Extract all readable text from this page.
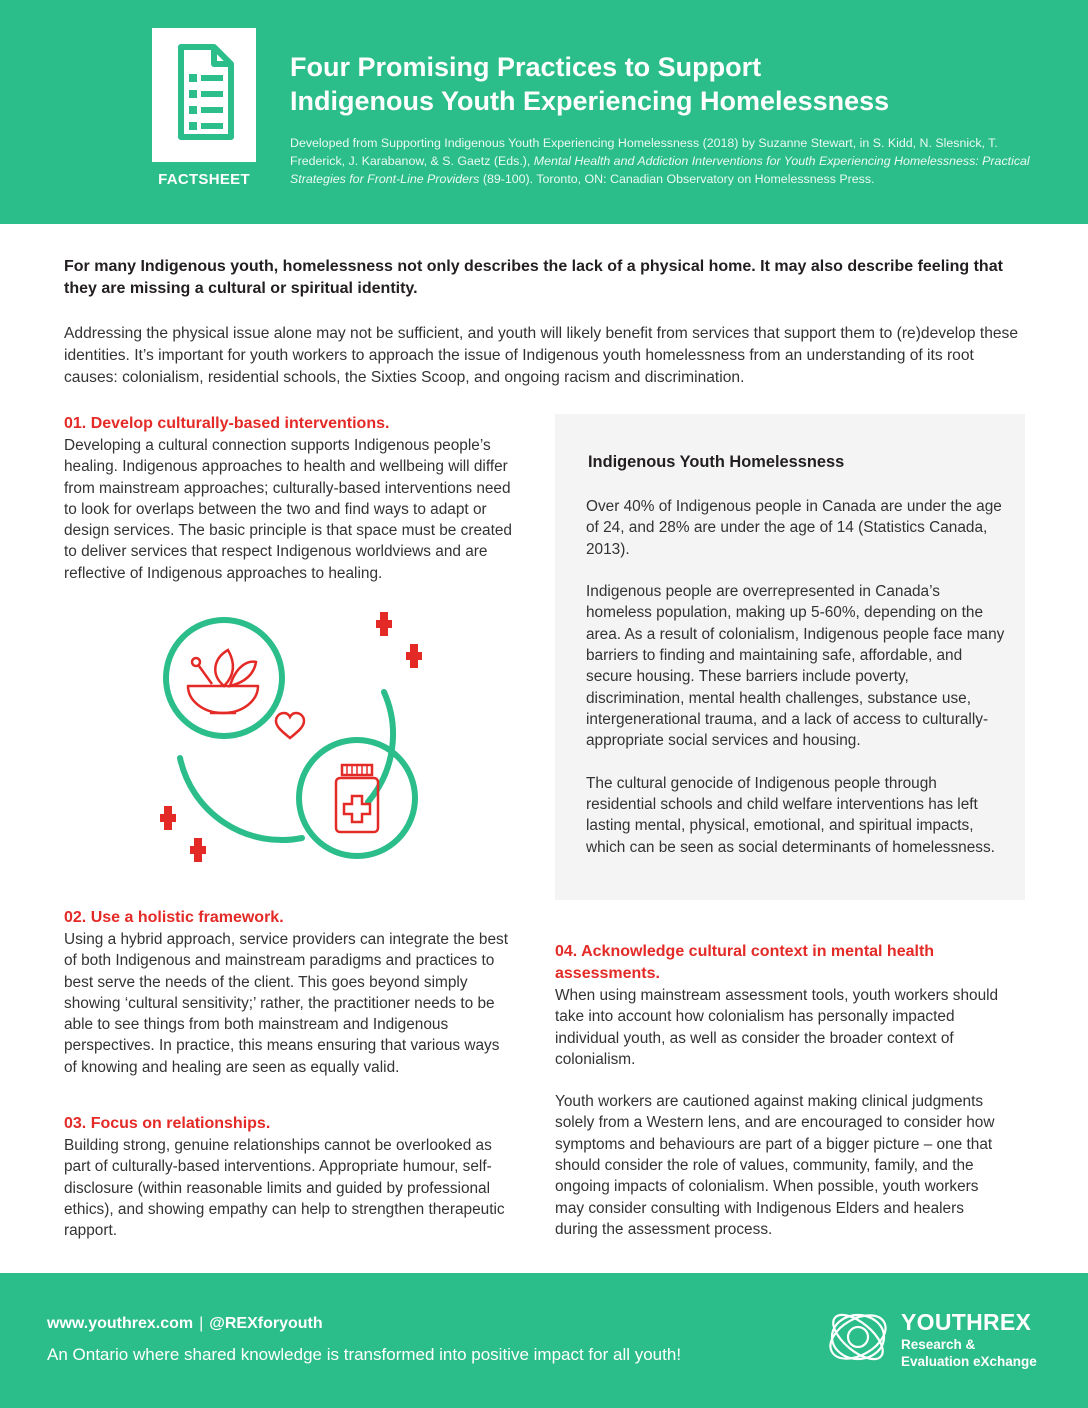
FACTSHEET
Four Promising Practices to Support
Indigenous Youth Experiencing Homelessness

Developed from Supporting Indigenous Youth Experiencing Homelessness (2018) by Suzanne Stewart, in S. Kidd, N. Slesnick, T. Frederick, J. Karabanow, & S. Gaetz (Eds.), Mental Health and Addiction Interventions for Youth Experiencing Homelessness: Practical Strategies for Front-Line Providers (89-100). Toronto, ON: Canadian Observatory on Homelessness Press.

For many Indigenous youth, homelessness not only describes the lack of a physical home. It may also describe feeling that they are missing a cultural or spiritual identity.

Addressing the physical issue alone may not be sufficient, and youth will likely benefit from services that support them to (re)develop these identities. It’s important for youth workers to approach the issue of Indigenous youth homelessness from an understanding of its root causes: colonialism, residential schools, the Sixties Scoop, and ongoing racism and discrimination.

01. Develop culturally-based interventions.

Developing a cultural connection supports Indigenous people’s healing. Indigenous approaches to health and wellbeing will differ from mainstream approaches; culturally-based interventions need to look for overlaps between the two and find ways to adapt or design services. The basic principle is that space must be created to deliver services that respect Indigenous worldviews and are reflective of Indigenous approaches to healing.

Indigenous Youth Homelessness

Over 40% of Indigenous people in Canada are under the age of 24, and 28% are under the age of 14 (Statistics Canada, 2013).

Indigenous people are overrepresented in Canada’s homeless population, making up 5-60%, depending on the area. As a result of colonialism, Indigenous people face many barriers to finding and maintaining safe, affordable, and secure housing. These barriers include poverty, discrimination, mental health challenges, substance use, intergenerational trauma, and a lack of access to culturally-appropriate social services and housing.

The cultural genocide of Indigenous people through residential schools and child welfare interventions has left lasting mental, physical, emotional, and spiritual impacts, which can be seen as social determinants of homelessness.

02. Use a holistic framework.

Using a hybrid approach, service providers can integrate the best of both Indigenous and mainstream paradigms and practices to best serve the needs of the client. This goes beyond simply showing ‘cultural sensitivity;’ rather, the practitioner needs to be able to see things from both mainstream and Indigenous perspectives. In practice, this means ensuring that various ways of knowing and healing are seen as equally valid.

03. Focus on relationships.

Building strong, genuine relationships cannot be overlooked as part of culturally-based interventions. Appropriate humour, self-disclosure (within reasonable limits and guided by professional ethics), and showing empathy can help to strengthen therapeutic rapport.

04. Acknowledge cultural context in mental health assessments.

When using mainstream assessment tools, youth workers should take into account how colonialism has personally impacted individual youth, as well as consider the broader context of colonialism.

Youth workers are cautioned against making clinical judgments solely from a Western lens, and are encouraged to consider how symptoms and behaviours are part of a bigger picture – one that should consider the role of values, community, family, and the ongoing impacts of colonialism. When possible, youth workers may consider consulting with Indigenous Elders and healers during the assessment process.

www.youthrex.com | @REXforyouth

An Ontario where shared knowledge is transformed into positive impact for all youth!

YOUTHREX
Research &
Evaluation eXchange
